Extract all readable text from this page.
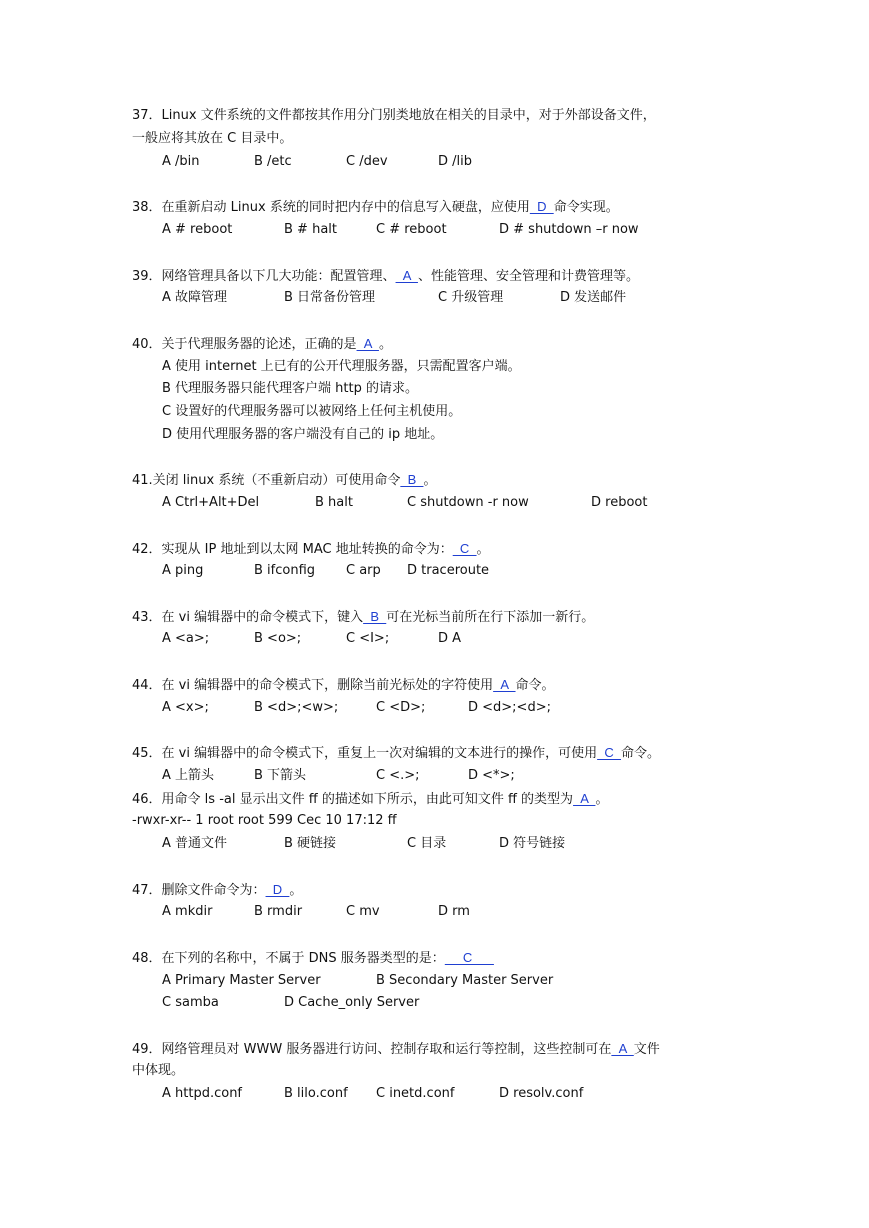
37．Linux 文件系统的文件都按其作用分门别类地放在相关的目录中，对于外部设备文件，
一般应将其放在 C 目录中。
A /bin	B /etc	C /dev	D /lib
38．在重新启动 Linux 系统的同时把内存中的信息写入硬盘，应使用  D  命令实现。
A # reboot	B # halt	C # reboot	D # shutdown –r now
39．网络管理具备以下几大功能：配置管理、  A  、性能管理、安全管理和计费管理等。
A 故障管理	B 日常备份管理	C 升级管理	D 发送邮件
40．关于代理服务器的论述，正确的是  A  。
A 使用 internet 上已有的公开代理服务器，只需配置客户端。
B 代理服务器只能代理客户端 http 的请求。
C 设置好的代理服务器可以被网络上任何主机使用。
D 使用代理服务器的客户端没有自己的 ip 地址。
41.关闭 linux 系统（不重新启动）可使用命令  B  。
A Ctrl+Alt+Del	B halt	C shutdown -r now	D reboot
42．实现从 IP 地址到以太网 MAC 地址转换的命令为：  C  。
A ping	B ifconfig C arp D traceroute
43．在 vi 编辑器中的命令模式下，键入  B  可在光标当前所在行下添加一新行。
A <a>;	B <o>;	C <I>;	D A
44．在 vi 编辑器中的命令模式下，删除当前光标处的字符使用  A  命令。
A <x>;	B <d>;<w>;	C <D>;	D <d>;<d>;
45．在 vi 编辑器中的命令模式下，重复上一次对编辑的文本进行的操作，可使用  C  命令。
A 上箭头	B 下箭头	C <.>;	D <*>;
46．用命令 ls -al 显示出文件 ff 的描述如下所示，由此可知文件 ff 的类型为  A  。
-rwxr-xr-- 1 root root 599 Cec 10 17:12 ff
A 普通文件	B 硬链接	C 目录	D 符号链接
47．删除文件命令为：  D  。
A mkdir	B rmdir	C mv	D rm
48．在下列的名称中，不属于 DNS 服务器类型的是：     C
A Primary Master Server	B Secondary Master Server
C samba	D Cache_only Server
49．网络管理员对 WWW 服务器进行访问、控制存取和运行等控制，这些控制可在  A  文件
中体现。
A httpd.conf	B lilo.conf C inetd.conf	D resolv.conf
